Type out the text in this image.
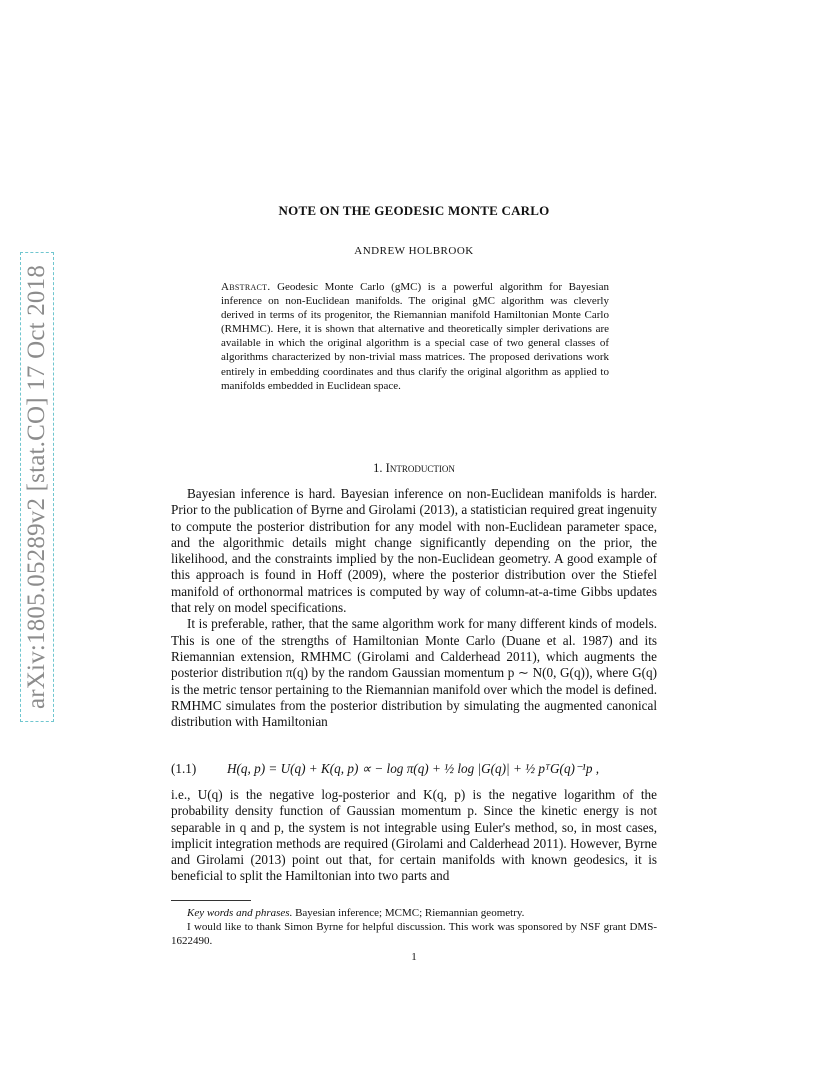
arXiv:1805.05289v2 [stat.CO] 17 Oct 2018
NOTE ON THE GEODESIC MONTE CARLO
ANDREW HOLBROOK
Abstract. Geodesic Monte Carlo (gMC) is a powerful algorithm for Bayesian inference on non-Euclidean manifolds. The original gMC algorithm was cleverly derived in terms of its progenitor, the Riemannian manifold Hamiltonian Monte Carlo (RMHMC). Here, it is shown that alternative and theoretically simpler derivations are available in which the original algorithm is a special case of two general classes of algorithms characterized by non-trivial mass matrices. The proposed derivations work entirely in embedding coordinates and thus clarify the original algorithm as applied to manifolds embedded in Euclidean space.
1. Introduction

Bayesian inference is hard. Bayesian inference on non-Euclidean manifolds is harder. Prior to the publication of Byrne and Girolami (2013), a statistician required great ingenuity to compute the posterior distribution for any model with non-Euclidean parameter space, and the algorithmic details might change significantly depending on the prior, the likelihood, and the constraints implied by the non-Euclidean geometry. A good example of this approach is found in Hoff (2009), where the posterior distribution over the Stiefel manifold of orthonormal matrices is computed by way of column-at-a-time Gibbs updates that rely on model specifications.

It is preferable, rather, that the same algorithm work for many different kinds of models. This is one of the strengths of Hamiltonian Monte Carlo (Duane et al. 1987) and its Riemannian extension, RMHMC (Girolami and Calderhead 2011), which augments the posterior distribution π(q) by the random Gaussian momentum p ∼ N(0, G(q)), where G(q) is the metric tensor pertaining to the Riemannian manifold over which the model is defined. RMHMC simulates from the posterior distribution by simulating the augmented canonical distribution with Hamiltonian

(1.1) H(q, p) = U(q) + K(q, p) ∝ − log π(q) + ½ log |G(q)| + ½ pᵀG(q)⁻¹p ,

i.e., U(q) is the negative log-posterior and K(q, p) is the negative logarithm of the probability density function of Gaussian momentum p. Since the kinetic energy is not separable in q and p, the system is not integrable using Euler's method, so, in most cases, implicit integration methods are required (Girolami and Calderhead 2011). However, Byrne and Girolami (2013) point out that, for certain manifolds with known geodesics, it is beneficial to split the Hamiltonian into two parts and

Key words and phrases. Bayesian inference; MCMC; Riemannian geometry.

I would like to thank Simon Byrne for helpful discussion. This work was sponsored by NSF grant DMS-1622490.

1
